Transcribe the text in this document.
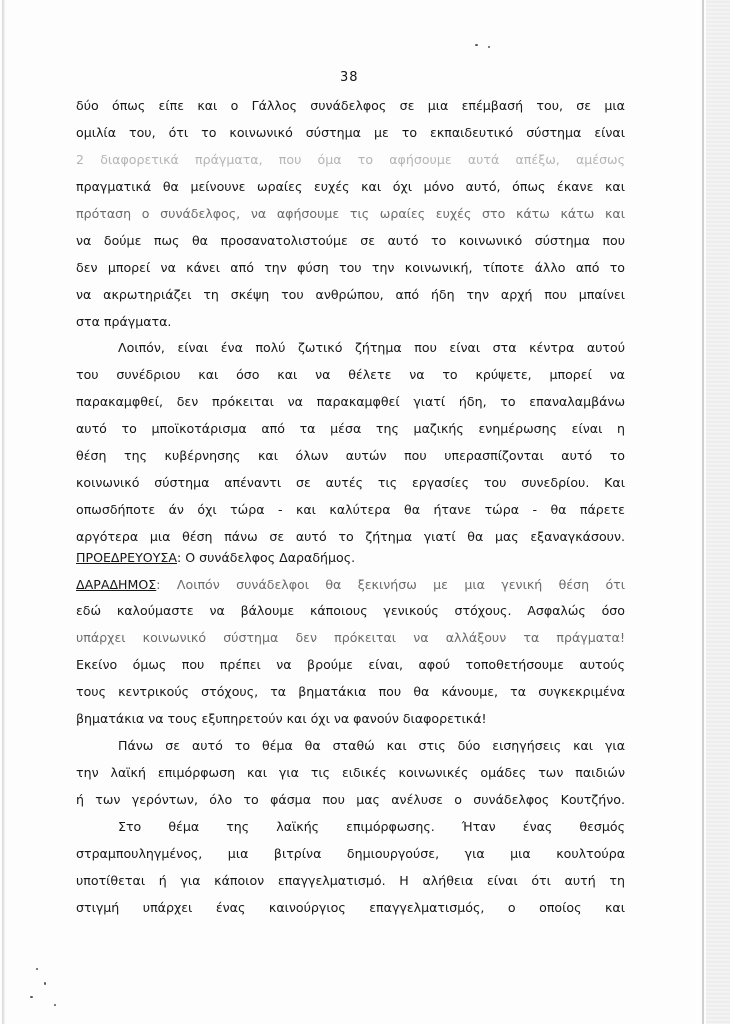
38
δύο όπως είπε και ο Γάλλος συνάδελφος σε μια επέμβασή του, σε μια
ομιλία του, ότι το κοινωνικό σύστημα με το εκπαιδευτικό σύστημα είναι
2 διαφορετικά πράγματα, που όμα το αφήσουμε αυτά απέξω, αμέσως
πραγματικά θα μείνουνε ωραίες ευχές και όχι μόνο αυτό, όπως έκανε και
πρόταση ο συνάδελφος, να αφήσουμε τις ωραίες ευχές στο κάτω κάτω και
να δούμε πως θα προσανατολιστούμε σε αυτό το κοινωνικό σύστημα που
δεν μπορεί να κάνει από την φύση του την κοινωνική, τίποτε άλλο από το
να ακρωτηριάζει τη σκέψη του ανθρώπου, από ήδη την αρχή που μπαίνει
στα πράγματα.
Λοιπόν, είναι ένα πολύ ζωτικό ζήτημα που είναι στα κέντρα αυτού
του συνέδριου και όσο και να θέλετε να το κρύψετε, μπορεί να
παρακαμφθεί, δεν πρόκειται να παρακαμφθεί γιατί ήδη, το επαναλαμβάνω
αυτό το μποϊκοτάρισμα από τα μέσα της μαζικής ενημέρωσης είναι η
θέση της κυβέρνησης και όλων αυτών που υπερασπίζονται αυτό το
κοινωνικό σύστημα απέναντι σε αυτές τις εργασίες του συνεδρίου. Και
οπωσδήποτε άν όχι τώρα - και καλύτερα θα ήτανε τώρα - θα πάρετε
αργότερα μια θέση πάνω σε αυτό το ζήτημα γιατί θα μας εξαναγκάσουν.
ΠΡΟΕΔΡΕΥΟΥΣΑ: Ο συνάδελφος Δαραδήμος.
ΔΑΡΑΔΗΜΟΣ: Λοιπόν συνάδελφοι θα ξεκινήσω με μια γενική θέση ότι
εδώ καλούμαστε να βάλουμε κάποιους γενικούς στόχους. Ασφαλώς όσο
υπάρχει κοινωνικό σύστημα δεν πρόκειται να αλλάξουν τα πράγματα!
Εκείνο όμως που πρέπει να βρούμε είναι, αφού τοποθετήσουμε αυτούς
τους κεντρικούς στόχους, τα βηματάκια που θα κάνουμε, τα συγκεκριμένα
βηματάκια να τους εξυπηρετούν και όχι να φανούν διαφορετικά!
Πάνω σε αυτό το θέμα θα σταθώ και στις δύο εισηγήσεις και για
την λαϊκή επιμόρφωση και για τις ειδικές κοινωνικές ομάδες των παιδιών
ή των γερόντων, όλο το φάσμα που μας ανέλυσε ο συνάδελφος Κουτζήνο.
Στο θέμα της λαϊκής επιμόρφωσης. Ήταν ένας θεσμός
στραμπουληγμένος, μια βιτρίνα δημιουργούσε, για μια κουλτούρα
υποτίθεται ή για κάποιον επαγγελματισμό. Η αλήθεια είναι ότι αυτή τη
στιγμή υπάρχει ένας καινούργιος επαγγελματισμός, ο οποίος και
